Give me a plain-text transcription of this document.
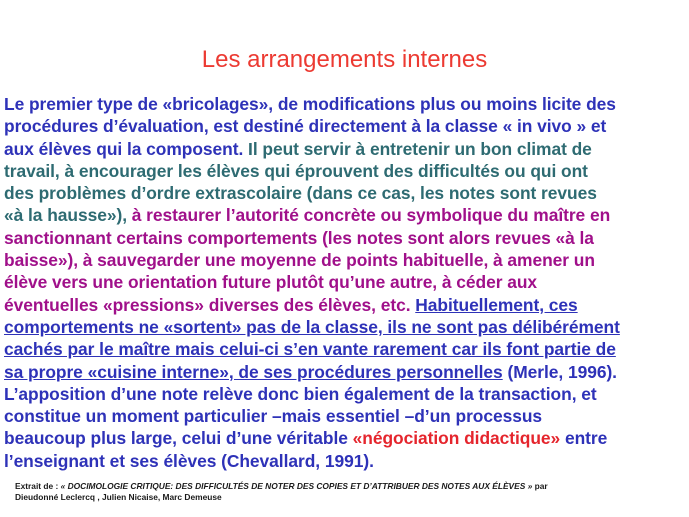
Les arrangements internes
Le premier type de «bricolages», de modifications plus ou moins licite des
procédures d’évaluation, est destiné directement à la classe « in vivo » et
aux élèves qui la composent. Il peut servir à entretenir un bon climat de
travail, à encourager les élèves qui éprouvent des difficultés ou qui ont
des problèmes d’ordre extrascolaire (dans ce cas, les notes sont revues
«à la hausse»), à restaurer l’autorité concrète ou symbolique du maître en
sanctionnant certains comportements (les notes sont alors revues «à la
baisse»), à sauvegarder une moyenne de points habituelle, à amener un
élève vers une orientation future plutôt qu’une autre, à céder aux
éventuelles «pressions» diverses des élèves, etc. Habituellement, ces
comportements ne «sortent» pas de la classe, ils ne sont pas délibérément
cachés par le maître mais celui-ci s’en vante rarement car ils font partie de
sa propre «cuisine interne», de ses procédures personnelles (Merle, 1996).
L’apposition d’une note relève donc bien également de la transaction, et
constitue un moment particulier –mais essentiel –d’un processus
beaucoup plus large, celui d’une véritable «négociation didactique» entre
l’enseignant et ses élèves (Chevallard, 1991).
Extrait de : « DOCIMOLOGIE CRITIQUE: DES DIFFICULTÉS DE NOTER DES COPIES ET D’ATTRIBUER DES NOTES AUX ÉLÈVES » par
Dieudonné Leclercq , Julien Nicaise, Marc Demeuse
